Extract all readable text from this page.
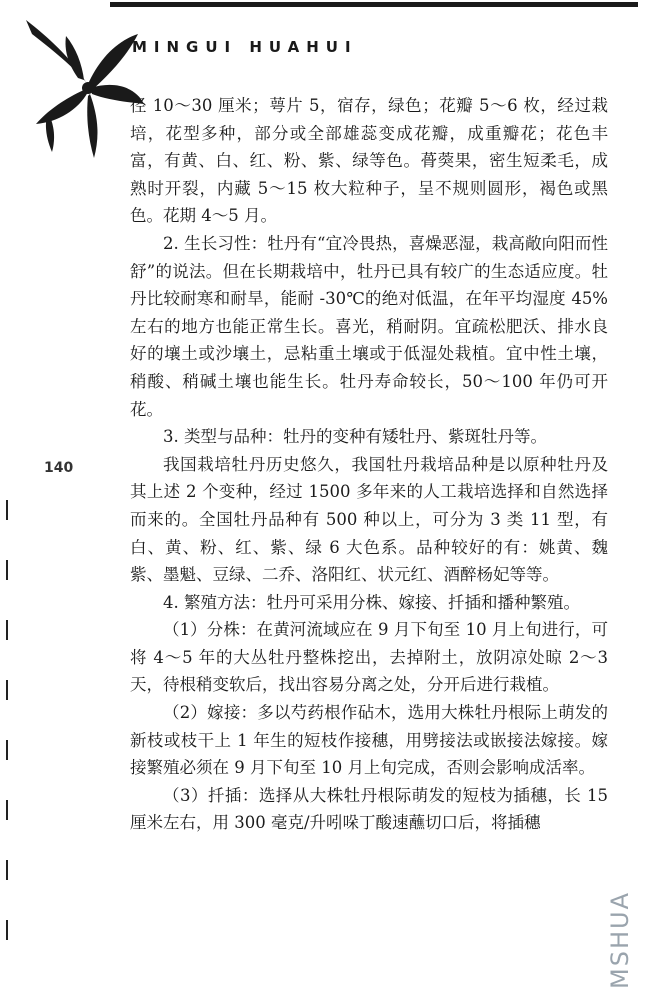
MINGUI HUAHUI

径 10～30 厘米；萼片 5，宿存，绿色；花瓣 5～6 枚，经过栽培，花型多种，部分或全部雄蕊变成花瓣，成重瓣花；花色丰富，有黄、白、红、粉、紫、绿等色。蓇葖果，密生短柔毛，成熟时开裂，内藏 5～15 枚大粒种子，呈不规则圆形，褐色或黑色。花期 4～5 月。

2. 生长习性：牡丹有“宜冷畏热，喜燥恶湿，栽高敞向阳而性舒”的说法。但在长期栽培中，牡丹已具有较广的生态适应度。牡丹比较耐寒和耐旱，能耐 -30℃的绝对低温，在年平均湿度 45%左右的地方也能正常生长。喜光，稍耐阴。宜疏松肥沃、排水良好的壤土或沙壤土，忌粘重土壤或于低湿处栽植。宜中性土壤，稍酸、稍碱土壤也能生长。牡丹寿命较长，50～100 年仍可开花。

3. 类型与品种：牡丹的变种有矮牡丹、紫斑牡丹等。

我国栽培牡丹历史悠久，我国牡丹栽培品种是以原种牡丹及其上述 2 个变种，经过 1500 多年来的人工栽培选择和自然选择而来的。全国牡丹品种有 500 种以上，可分为 3 类 11 型，有白、黄、粉、红、紫、绿 6 大色系。品种较好的有：姚黄、魏紫、墨魁、豆绿、二乔、洛阳红、状元红、酒醉杨妃等等。

4. 繁殖方法：牡丹可采用分株、嫁接、扦插和播种繁殖。

（1）分株：在黄河流域应在 9 月下旬至 10 月上旬进行，可将 4～5 年的大丛牡丹整株挖出，去掉附土，放阴凉处晾 2～3 天，待根稍变软后，找出容易分离之处，分开后进行栽植。

（2）嫁接：多以芍药根作砧木，选用大株牡丹根际上萌发的新枝或枝干上 1 年生的短枝作接穗，用劈接法或嵌接法嫁接。嫁接繁殖必须在 9 月下旬至 10 月上旬完成，否则会影响成活率。

（3）扦插：选择从大株牡丹根际萌发的短枝为插穗，长 15 厘米左右，用 300 毫克/升吲哚丁酸速蘸切口后，将插穗

140
MSHUA
